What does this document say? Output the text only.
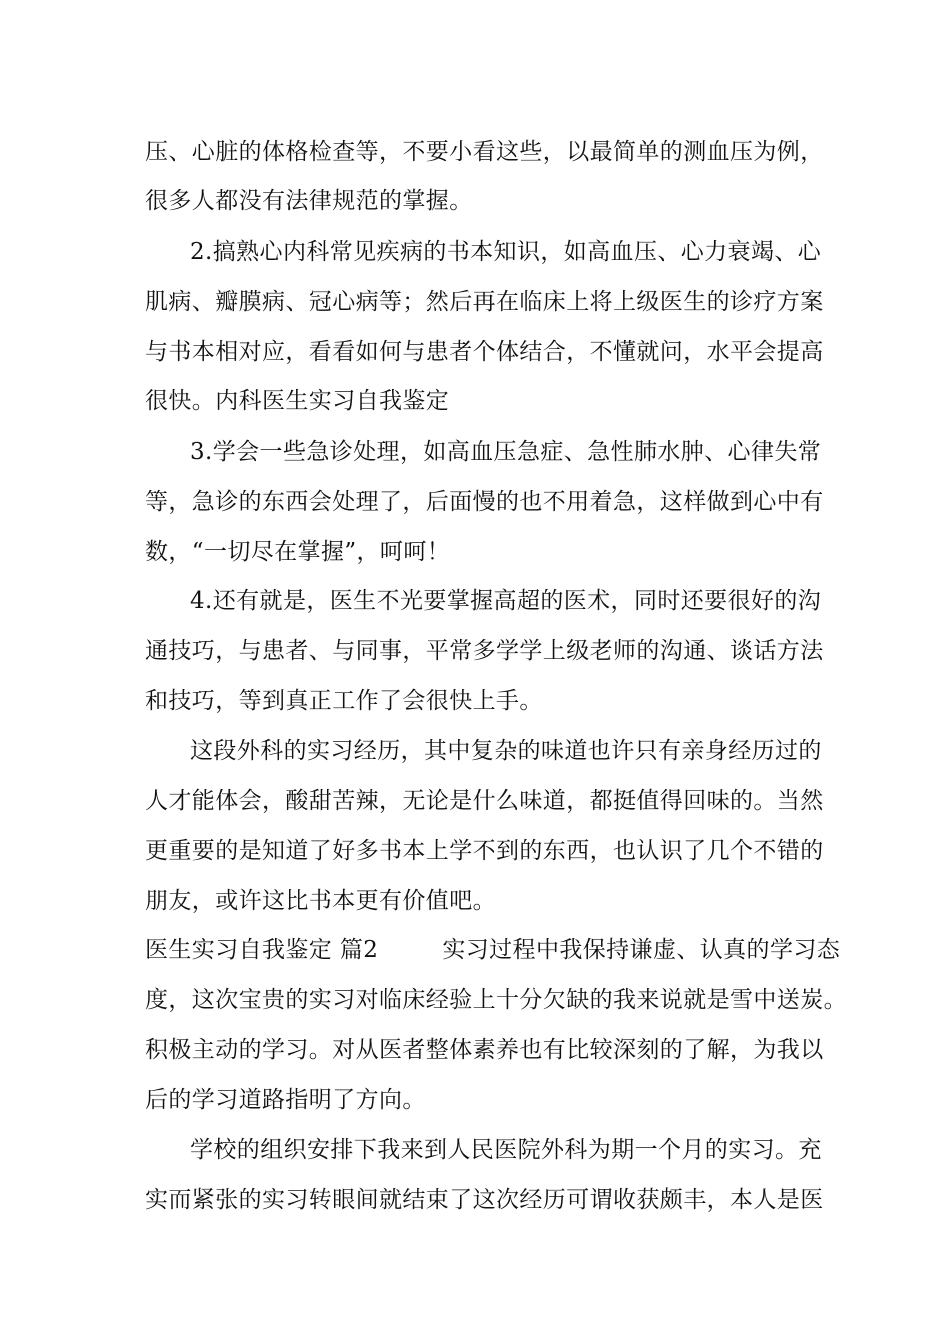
压、心脏的体格检查等，不要小看这些，以最简单的测血压为例，
很多人都没有法律规范的掌握。
2.搞熟心内科常见疾病的书本知识，如高血压、心力衰竭、心
肌病、瓣膜病、冠心病等；然后再在临床上将上级医生的诊疗方案
与书本相对应，看看如何与患者个体结合，不懂就问，水平会提高
很快。内科医生实习自我鉴定
3.学会一些急诊处理，如高血压急症、急性肺水肿、心律失常
等，急诊的东西会处理了，后面慢的也不用着急，这样做到心中有
数，“一切尽在掌握”，呵呵！
4.还有就是，医生不光要掌握高超的医术，同时还要很好的沟
通技巧，与患者、与同事，平常多学学上级老师的沟通、谈话方法
和技巧，等到真正工作了会很快上手。
这段外科的实习经历，其中复杂的味道也许只有亲身经历过的
人才能体会，酸甜苦辣，无论是什么味道，都挺值得回味的。当然
更重要的是知道了好多书本上学不到的东西，也认识了几个不错的
朋友，或许这比书本更有价值吧。
医生实习自我鉴定 篇2	实习过程中我保持谦虚、认真的学习态
度，这次宝贵的实习对临床经验上十分欠缺的我来说就是雪中送炭。
积极主动的学习。对从医者整体素养也有比较深刻的了解，为我以
后的学习道路指明了方向。
学校的组织安排下我来到人民医院外科为期一个月的实习。充
实而紧张的实习转眼间就结束了这次经历可谓收获颇丰，本人是医
